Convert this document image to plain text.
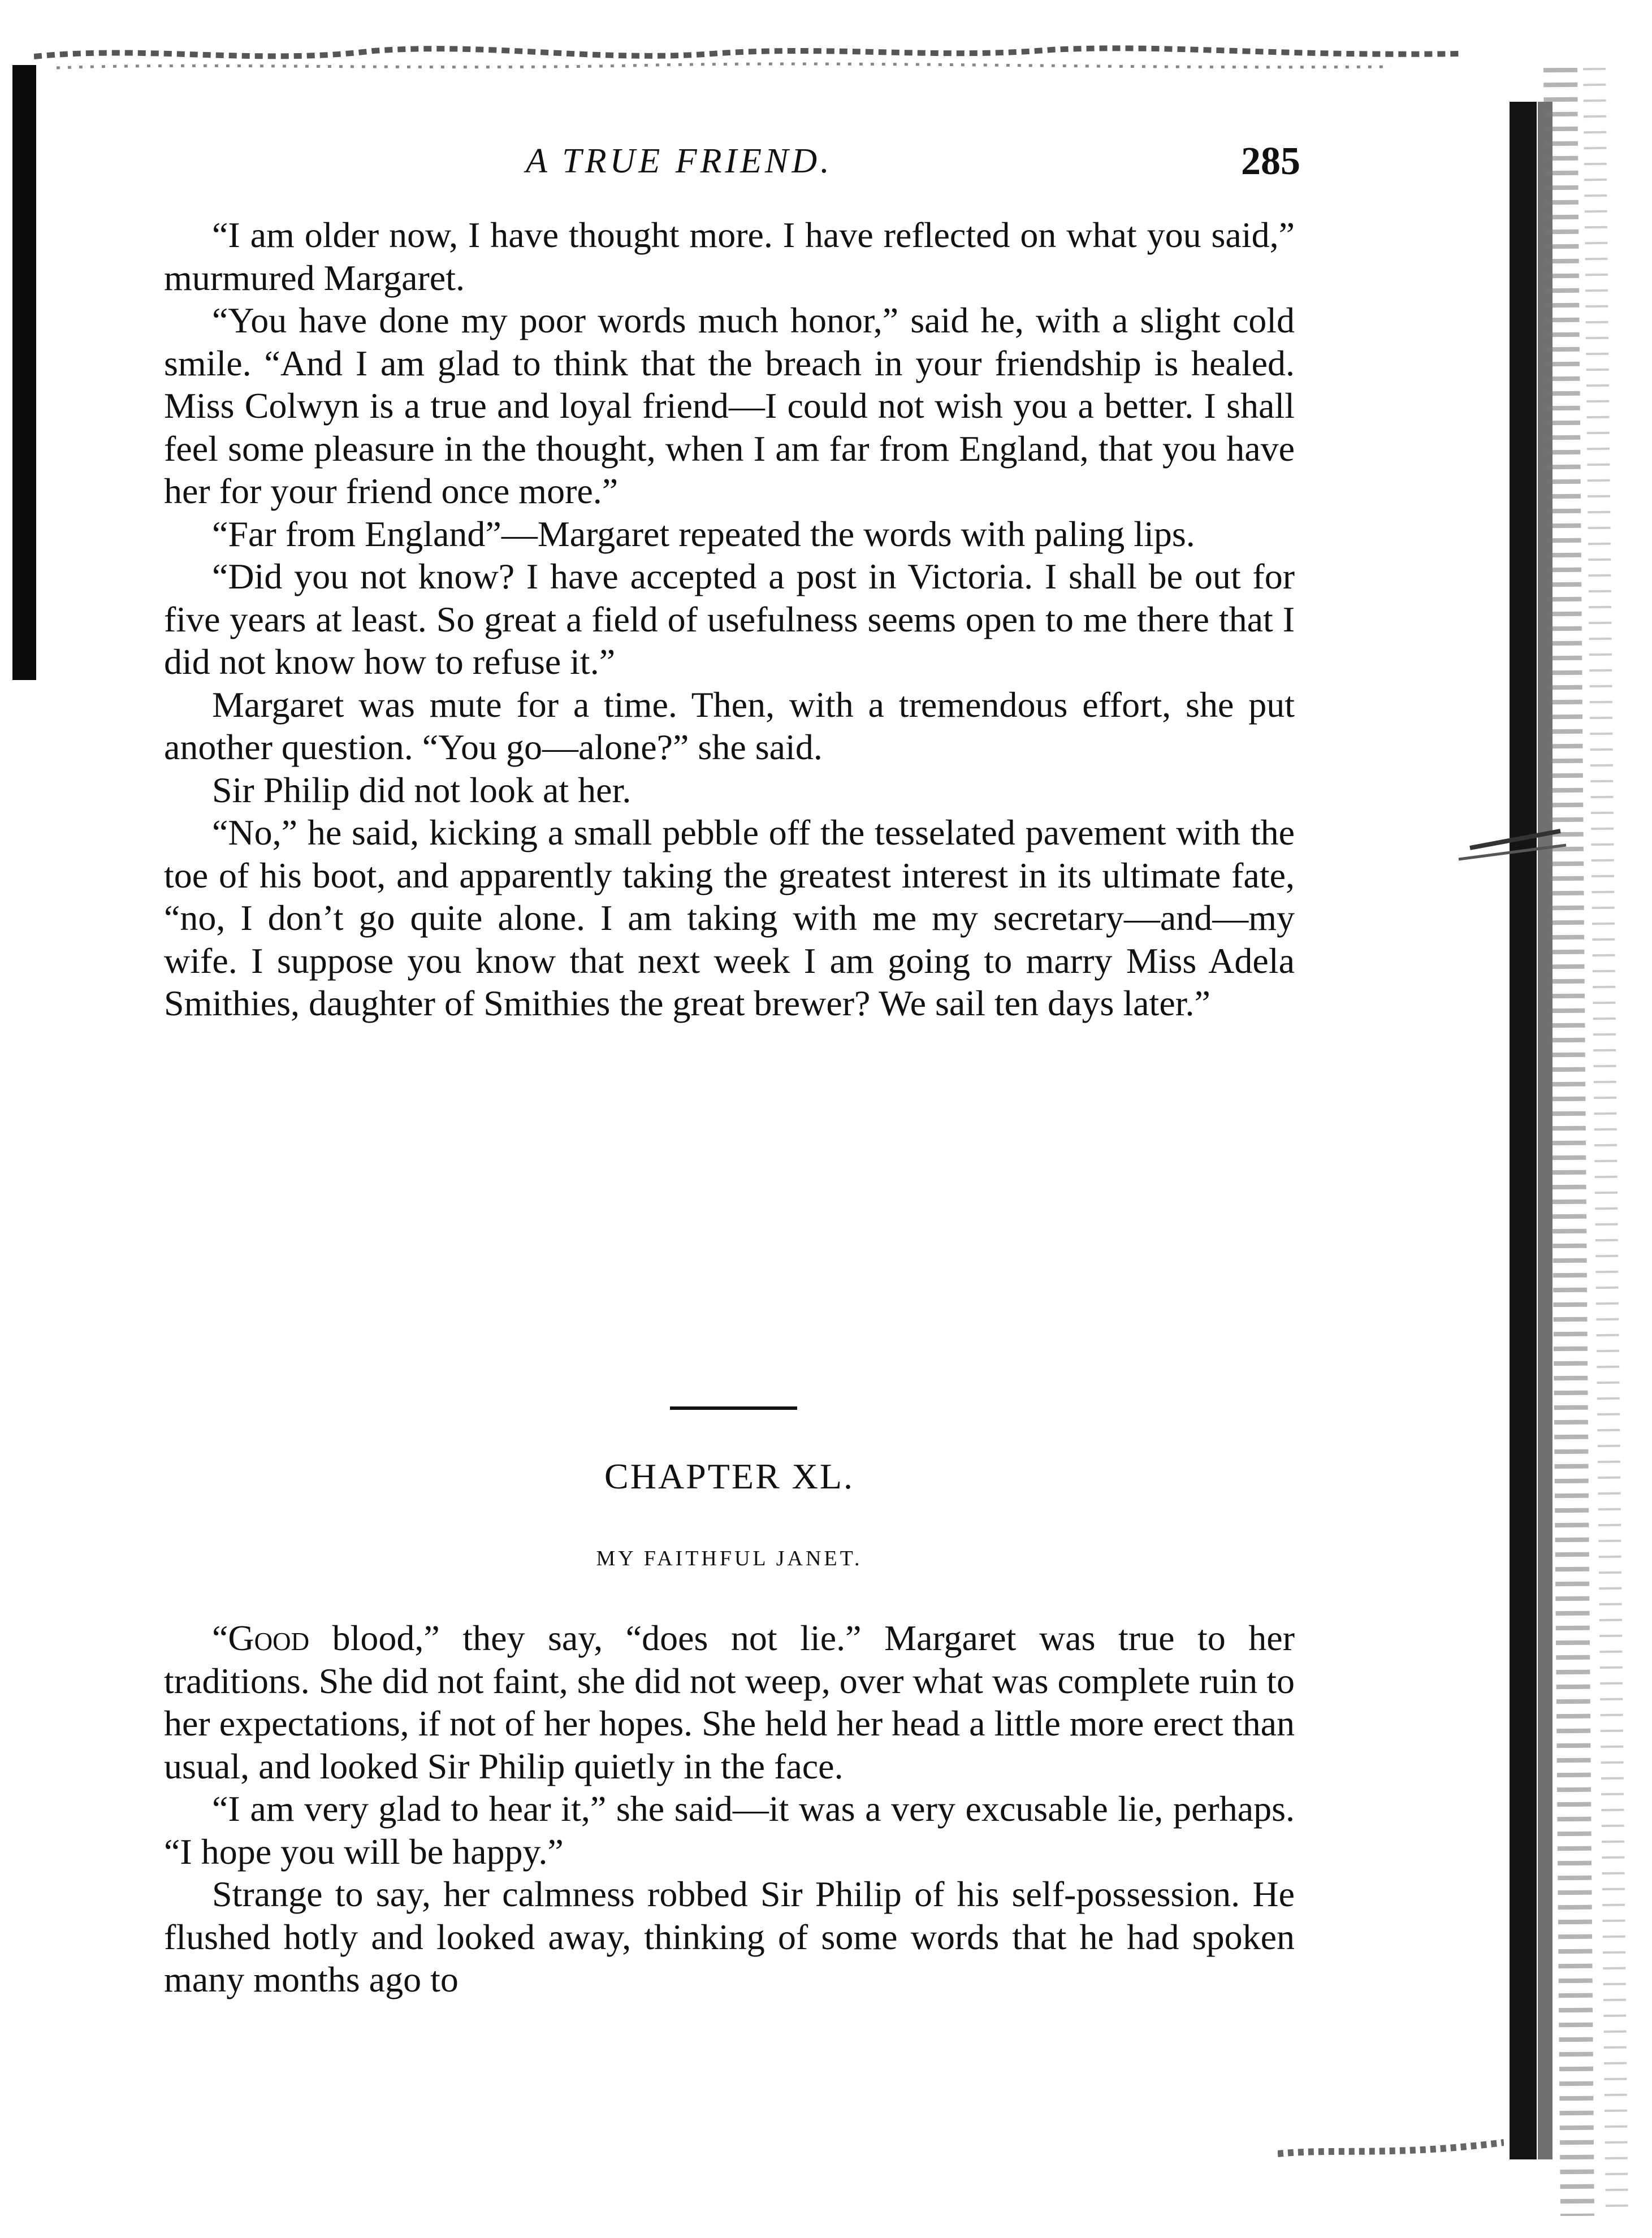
A TRUE FRIEND.	285

“I am older now, I have thought more. I have reflected on what you said,” murmured Margaret.

“You have done my poor words much honor,” said he, with a slight cold smile. “And I am glad to think that the breach in your friendship is healed. Miss Colwyn is a true and loyal friend—I could not wish you a better. I shall feel some pleasure in the thought, when I am far from England, that you have her for your friend once more.”

“Far from England”—Margaret repeated the words with paling lips.

“Did you not know? I have accepted a post in Victoria. I shall be out for five years at least. So great a field of usefulness seems open to me there that I did not know how to refuse it.”

Margaret was mute for a time. Then, with a tremendous effort, she put another question. “You go—alone?” she said.

Sir Philip did not look at her.

“No,” he said, kicking a small pebble off the tesselated pavement with the toe of his boot, and apparently taking the greatest interest in its ultimate fate, “no, I don’t go quite alone. I am taking with me my secretary—and—my wife. I suppose you know that next week I am going to marry Miss Adela Smithies, daughter of Smithies the great brewer? We sail ten days later.”

CHAPTER XL.
MY FAITHFUL JANET.

“Good blood,” they say, “does not lie.” Margaret was true to her traditions. She did not faint, she did not weep, over what was complete ruin to her expectations, if not of her hopes. She held her head a little more erect than usual, and looked Sir Philip quietly in the face.

“I am very glad to hear it,” she said—it was a very excusable lie, perhaps. “I hope you will be happy.”

Strange to say, her calmness robbed Sir Philip of his self-possession. He flushed hotly and looked away, thinking of some words that he had spoken many months ago to
